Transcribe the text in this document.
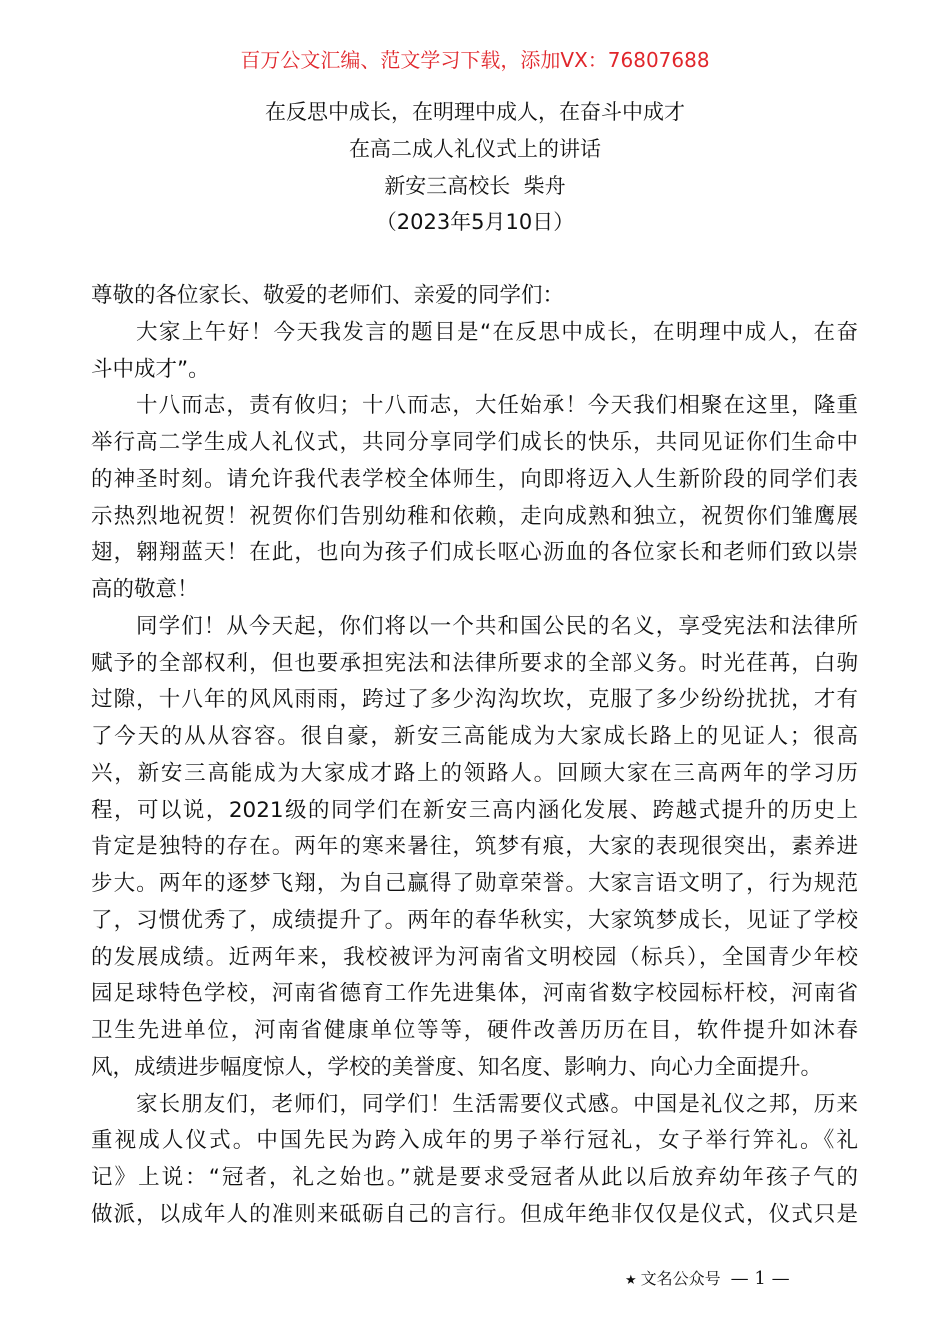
百万公文汇编、范文学习下载，添加VX：76807688
在反思中成长，在明理中成人，在奋斗中成才
在高二成人礼仪式上的讲话
新安三高校长  柴舟
（2023年5月10日）
尊敬的各位家长、敬爱的老师们、亲爱的同学们：
大家上午好！今天我发言的题目是“在反思中成长，在明理中成人，在奋
斗中成才”。
十八而志，责有攸归；十八而志，大任始承！今天我们相聚在这里，隆重
举行高二学生成人礼仪式，共同分享同学们成长的快乐，共同见证你们生命中
的神圣时刻。请允许我代表学校全体师生，向即将迈入人生新阶段的同学们表
示热烈地祝贺！祝贺你们告别幼稚和依赖，走向成熟和独立，祝贺你们雏鹰展
翅，翱翔蓝天！在此，也向为孩子们成长呕心沥血的各位家长和老师们致以崇
高的敬意！
同学们！从今天起，你们将以一个共和国公民的名义，享受宪法和法律所
赋予的全部权利，但也要承担宪法和法律所要求的全部义务。时光荏苒，白驹
过隙，十八年的风风雨雨，跨过了多少沟沟坎坎，克服了多少纷纷扰扰，才有
了今天的从从容容。很自豪，新安三高能成为大家成长路上的见证人；很高
兴，新安三高能成为大家成才路上的领路人。回顾大家在三高两年的学习历
程，可以说，2021级的同学们在新安三高内涵化发展、跨越式提升的历史上
肯定是独特的存在。两年的寒来暑往，筑梦有痕，大家的表现很突出，素养进
步大。两年的逐梦飞翔，为自己赢得了勋章荣誉。大家言语文明了，行为规范
了，习惯优秀了，成绩提升了。两年的春华秋实，大家筑梦成长，见证了学校
的发展成绩。近两年来，我校被评为河南省文明校园（标兵），全国青少年校
园足球特色学校，河南省德育工作先进集体，河南省数字校园标杆校，河南省
卫生先进单位，河南省健康单位等等，硬件改善历历在目，软件提升如沐春
风，成绩进步幅度惊人，学校的美誉度、知名度、影响力、向心力全面提升。
家长朋友们，老师们，同学们！生活需要仪式感。中国是礼仪之邦，历来
重视成人仪式。中国先民为跨入成年的男子举行冠礼，女子举行笄礼。《礼
记》上说：“冠者，礼之始也。”就是要求受冠者从此以后放弃幼年孩子气的
做派，以成年人的准则来砥砺自己的言行。但成年绝非仅仅是仪式，仪式只是
★ 文名公众号 — 1 —
